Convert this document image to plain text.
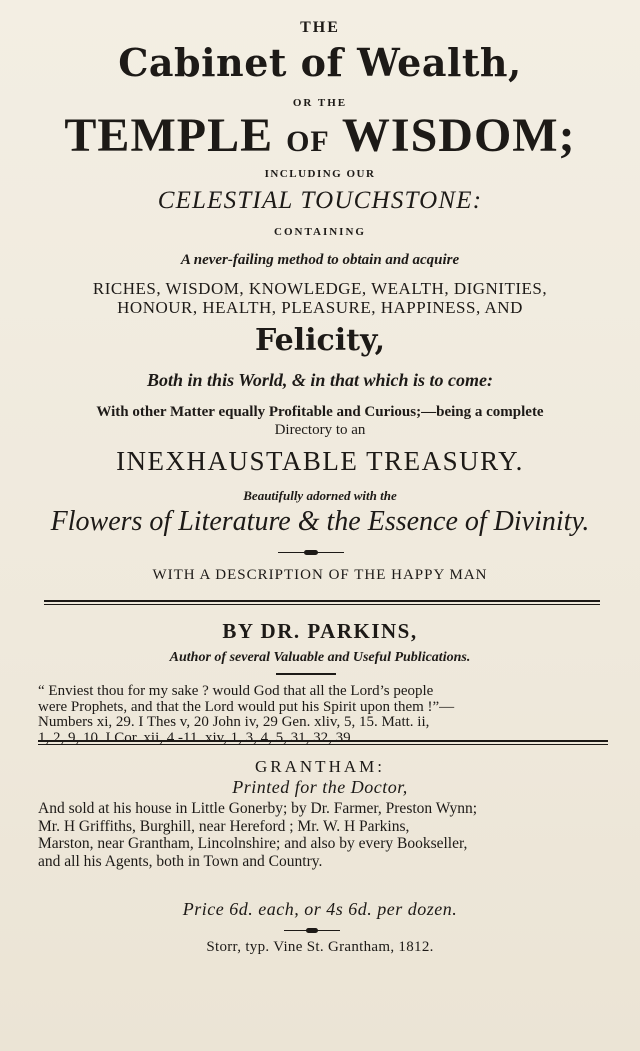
THE

Cabinet of Wealth,

OR THE

TEMPLE OF WISDOM;

INCLUDING OUR

CELESTIAL TOUCHSTONE:

CONTAINING

A never-failing method to obtain and acquire

RICHES, WISDOM, KNOWLEDGE, WEALTH, DIGNITIES,

HONOUR, HEALTH, PLEASURE, HAPPINESS, AND

Felicity,

Both in this World, & in that which is to come:

With other Matter equally Profitable and Curious;—being a complete

Directory to an

INEXHAUSTABLE TREASURY.

Beautifully adorned with the

Flowers of Literature & the Essence of Divinity.

WITH A DESCRIPTION OF THE HAPPY MAN

BY DR. PARKINS,

Author of several Valuable and Useful Publications.

“ Enviest thou for my sake ? would God that all the Lord’s people
were Prophets, and that the Lord would put his Spirit upon them !”—
Numbers xi, 29. I Thes v, 20 John iv, 29 Gen. xliv, 5, 15. Matt. ii,
1, 2, 9, 10. I Cor. xii, 4 -11. xiv, 1, 3, 4, 5, 31, 32, 39.

GRANTHAM:

Printed for the Doctor,

And sold at his house in Little Gonerby; by Dr. Farmer, Preston Wynn;
Mr. H Griffiths, Burghill, near Hereford ; Mr. W. H Parkins,
Marston, near Grantham, Lincolnshire; and also by every Bookseller,
and all his Agents, both in Town and Country.

Price 6d. each, or 4s 6d. per dozen.

Storr, typ. Vine St. Grantham, 1812.
